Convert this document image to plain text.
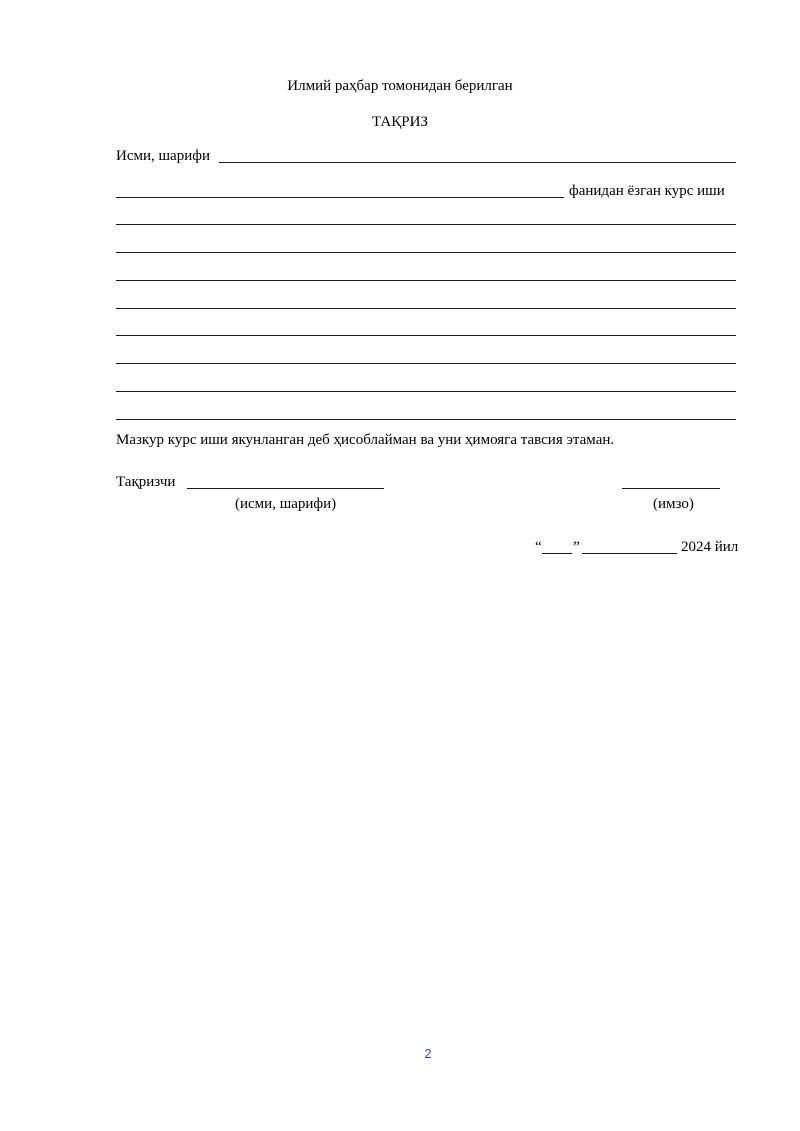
Илмий раҳбар томонидан берилган
ТАҚРИЗ
Исми, шарифи
фанидан ёзган курс иши
Мазкур курс иши якунланган деб ҳисоблайман ва уни ҳимояга тавсия этаман.
Тақризчи
(исми, шарифи)	(имзо)
“ ”	2024 йил
2
